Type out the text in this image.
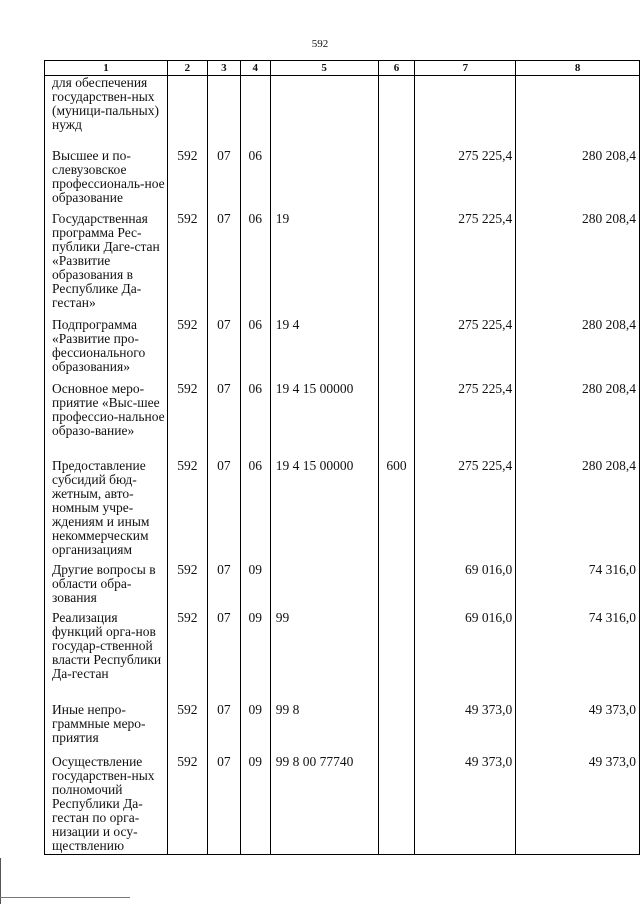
592
1	2	3	4	5	6	7	8
для обеспечения государствен-ных (муници-пальных) нужд							
Высшее и по-слевузовское профессиональ-ное образование	592	07	06			275 225,4	280 208,4
Государственная программа Рес-публики Даге-стан «Развитие образования в Республике Да-гестан»	592	07	06	19		275 225,4	280 208,4
Подпрограмма «Развитие про-фессионального образования»	592	07	06	19 4		275 225,4	280 208,4
Основное меро-приятие «Выс-шее профессио-нальное образо-вание»	592	07	06	19 4 15 00000		275 225,4	280 208,4
Предоставление субсидий бюд-жетным, авто-номным учре-ждениям и иным некоммерческим организациям	592	07	06	19 4 15 00000	600	275 225,4	280 208,4
Другие вопросы в области обра-зования	592	07	09			69 016,0	74 316,0
Реализация функций орга-нов государ-ственной власти Республики Да-гестан	592	07	09	99		69 016,0	74 316,0
Иные непро-граммные меро-приятия	592	07	09	99 8		49 373,0	49 373,0
Осуществление государствен-ных полномочий Республики Да-гестан по орга-низации и осу-ществлению	592	07	09	99 8 00 77740		49 373,0	49 373,0
